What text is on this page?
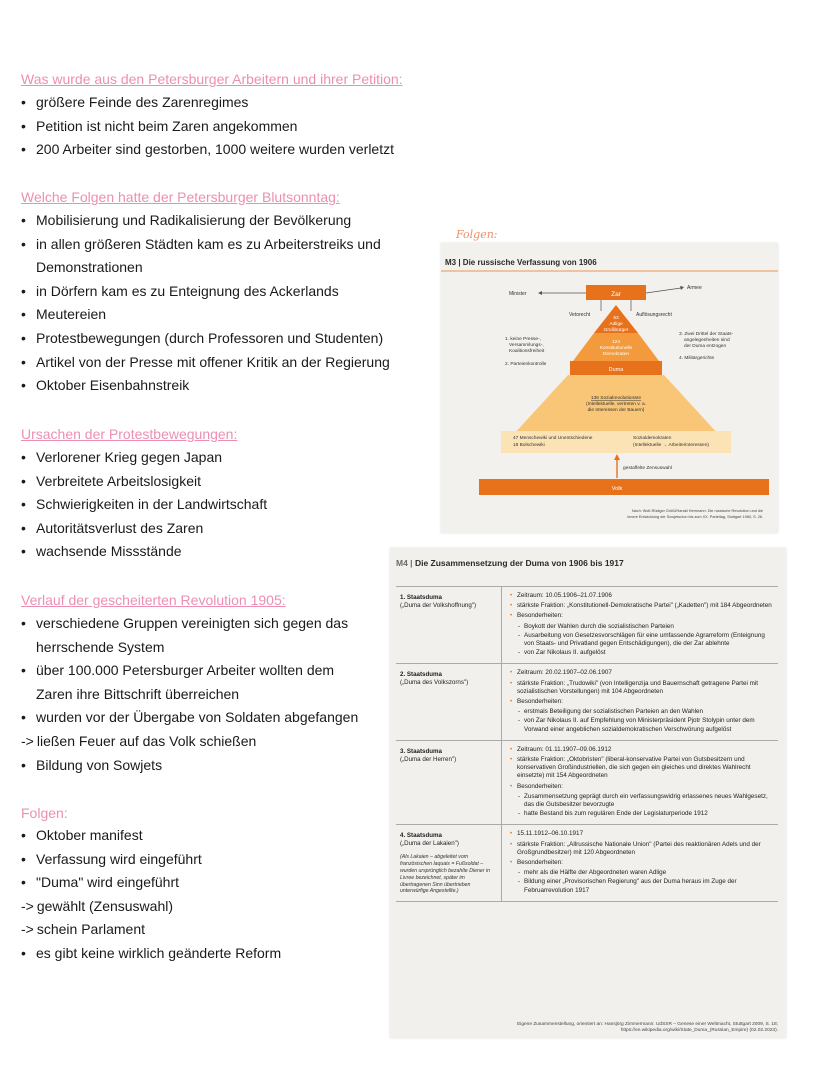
Was wurde aus den Petersburger Arbeitern und ihrer Petition:
• größere Feinde des Zarenregimes
• Petition ist nicht beim Zaren angekommen
• 200 Arbeiter sind gestorben, 1000 weitere wurden verletzt
Welche Folgen hatte der Petersburger Blutsonntag:
• Mobilisierung und Radikalisierung der Bevölkerung
• in allen größeren Städten kam es zu Arbeiterstreiks und Demonstrationen
• in Dörfern kam es zu Enteignung des Ackerlands
• Meutereien
• Protestbewegungen (durch Professoren und Studenten)
• Artikel von der Presse mit offener Kritik an der Regierung
• Oktober Eisenbahnstreik
Ursachen der Protestbewegungen:
• Verlorener Krieg gegen Japan
• Verbreitete Arbeitslosigkeit
• Schwierigkeiten in der Landwirtschaft
• Autoritätsverlust des Zaren
• wachsende Missstände
Verlauf der gescheiterten Revolution 1905:
• verschiedene Gruppen vereinigten sich gegen das herrschende System
• über 100.000 Petersburger Arbeiter wollten dem Zaren ihre Bittschrift überreichen
• wurden vor der Übergabe von Soldaten abgefangen
-> ließen Feuer auf das Volk schießen
• Bildung von Sowjets
Folgen:
• Oktober manifest
• Verfassung wird eingeführt
• "Duma" wird eingeführt
-> gewählt (Zensuswahl)
-> schein Parlament
• es gibt keine wirklich geänderte Reform
Folgen:
M3 | Die russische Verfassung von 1906
Zar
Minister
Armee
Vetorecht	Auflösungsrecht
63
Adlige
Großbürger
124
Konstitutionelle
Demokraten
Duma
136 Sozialrevolutionäre
(Intellektuelle, vertreten v. a.
die Interessen der Bauern)
47 Menschewiki und Unentschiedene
18 Bolschewiki
Sozialdemokraten
(Intellektuelle → Arbeiterinteressen)
1. keine Presse-,
Versammlungs-,
Koalitionsfreiheit
2. Parteienkontrolle
3. Zwei Drittel der Staats-
angelegenheiten sind
der Duma entzogen
4. Militärgerichte
gestaffelte Zensuswahl
Volk
Nach: Wolf-Rüdiger Größl/Harald Herrmann: Die russische Revolution und die
innere Entwicklung der Sowjetunion bis zum XX. Parteitag, Stuttgart 1980, S. 26.
M4 | Die Zusammensetzung der Duma von 1906 bis 1917
1. Staatsduma
(„Duma der Volkshoffnung")
• Zeitraum: 10.05.1906–21.07.1906
• stärkste Fraktion: „Konstitutionell-Demokratische Partei" („Kadetten") mit 184 Abgeordneten
• Besonderheiten:
- Boykott der Wahlen durch die sozialistischen Parteien
- Ausarbeitung von Gesetzesvorschlägen für eine umfassende Agrarreform (Enteignung von Staats- und Privatland gegen Entschädigungen), die der Zar ablehnte
- von Zar Nikolaus II. aufgelöst
2. Staatsduma
(„Duma des Volkszorns")
• Zeitraum: 20.02.1907–02.06.1907
• stärkste Fraktion: „Trudowiki" (von Intelligenzija und Bauernschaft getragene Partei mit sozialistischen Vorstellungen) mit 104 Abgeordneten
• Besonderheiten:
- erstmals Beteiligung der sozialistischen Parteien an den Wahlen
- von Zar Nikolaus II. auf Empfehlung von Ministerpräsident Pjotr Stolypin unter dem Vorwand einer angeblichen sozialdemokratischen Verschwörung aufgelöst
3. Staatsduma
(„Duma der Herren")
• Zeitraum: 01.11.1907–09.06.1912
• stärkste Fraktion: „Oktobristen" (liberal-konservative Partei von Gutsbesitzern und konservativen Großindustriellen, die sich gegen ein gleiches und direktes Wahlrecht einsetzte) mit 154 Abgeordneten
• Besonderheiten:
- Zusammensetzung geprägt durch ein verfassungswidrig erlassenes neues Wahlgesetz, das die Gutsbesitzer bevorzugte
- hatte Bestand bis zum regulären Ende der Legislaturperiode 1912
4. Staatsduma
(„Duma der Lakaien")
(Als Lakaien – abgeleitet vom französischen laquais = Fußsoldat – wurden ursprünglich bezahlte Diener in Livree bezeichnet, später im übertragenen Sinn übertrieben unterwürfige Angestellte.)
• 15.11.1912–06.10.1917
• stärkste Fraktion: „Allrussische Nationale Union" (Partei des reaktionären Adels und der Großgrundbesitzer) mit 120 Abgeordneten
• Besonderheiten:
- mehr als die Hälfte der Abgeordneten waren Adlige
- Bildung einer „Provisorischen Regierung" aus der Duma heraus im Zuge der Februarrevolution 1917
Eigene Zusammenstellung, orientiert an: Hansjörg Zimmermann: UdSSR – Genese einer Weltmacht, Stuttgart 2009, S. 18; https://en.wikipedia.org/wiki/State_Duma_(Russian_Empire) (02.02.2023).
